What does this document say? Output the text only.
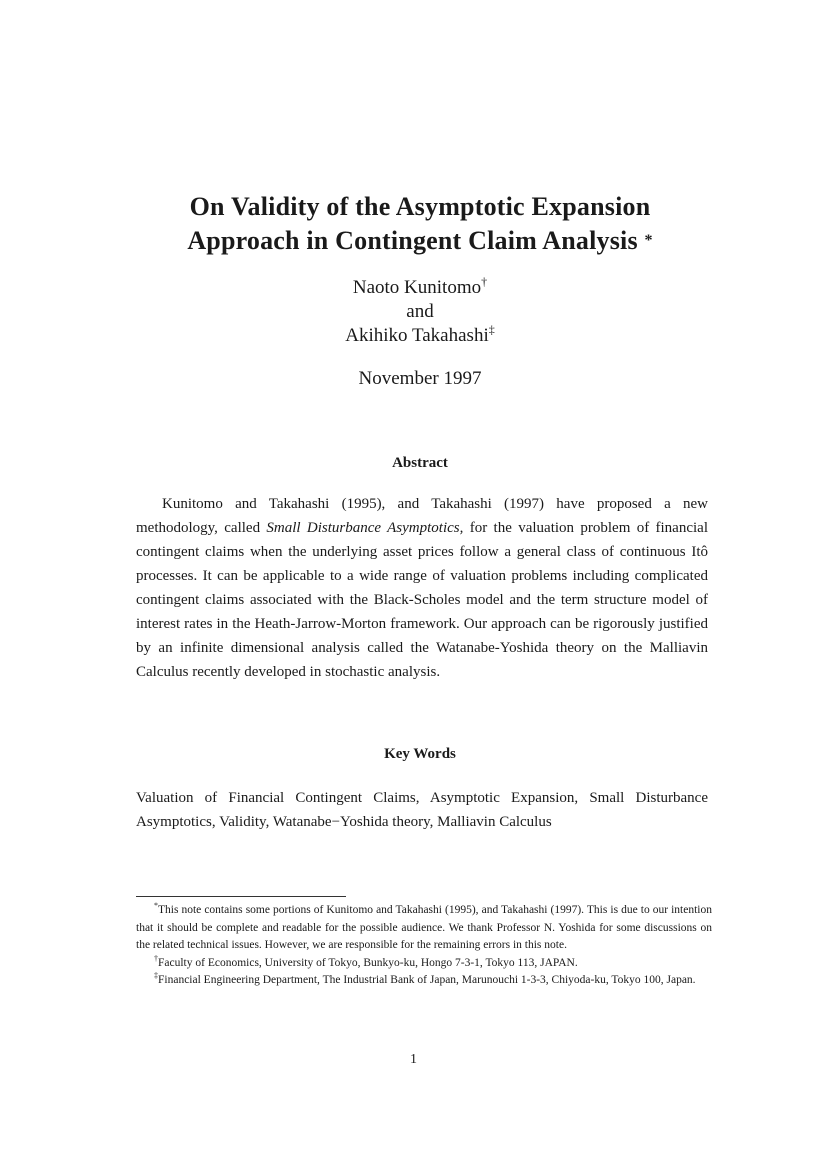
On Validity of the Asymptotic Expansion
Approach in Contingent Claim Analysis *
Naoto Kunitomo†
and
Akihiko Takahashi‡
November 1997
Abstract

Kunitomo and Takahashi (1995), and Takahashi (1997) have proposed a new methodology, called Small Disturbance Asymptotics, for the valuation problem of financial contingent claims when the underlying asset prices follow a general class of continuous Itô processes. It can be applicable to a wide range of valuation problems including complicated contingent claims associated with the Black-Scholes model and the term structure model of interest rates in the Heath-Jarrow-Morton framework. Our approach can be rigorously justified by an infinite dimensional analysis called the Watanabe-Yoshida theory on the Malliavin Calculus recently developed in stochastic analysis.

Key Words

Valuation of Financial Contingent Claims, Asymptotic Expansion, Small Disturbance Asymptotics, Validity, Watanabe−Yoshida theory, Malliavin Calculus

*This note contains some portions of Kunitomo and Takahashi (1995), and Takahashi (1997). This is due to our intention that it should be complete and readable for the possible audience. We thank Professor N. Yoshida for some discussions on the related technical issues. However, we are responsible for the remaining errors in this note.

†Faculty of Economics, University of Tokyo, Bunkyo-ku, Hongo 7-3-1, Tokyo 113, JAPAN.

‡Financial Engineering Department, The Industrial Bank of Japan, Marunouchi 1-3-3, Chiyoda-ku, Tokyo 100, Japan.

1
